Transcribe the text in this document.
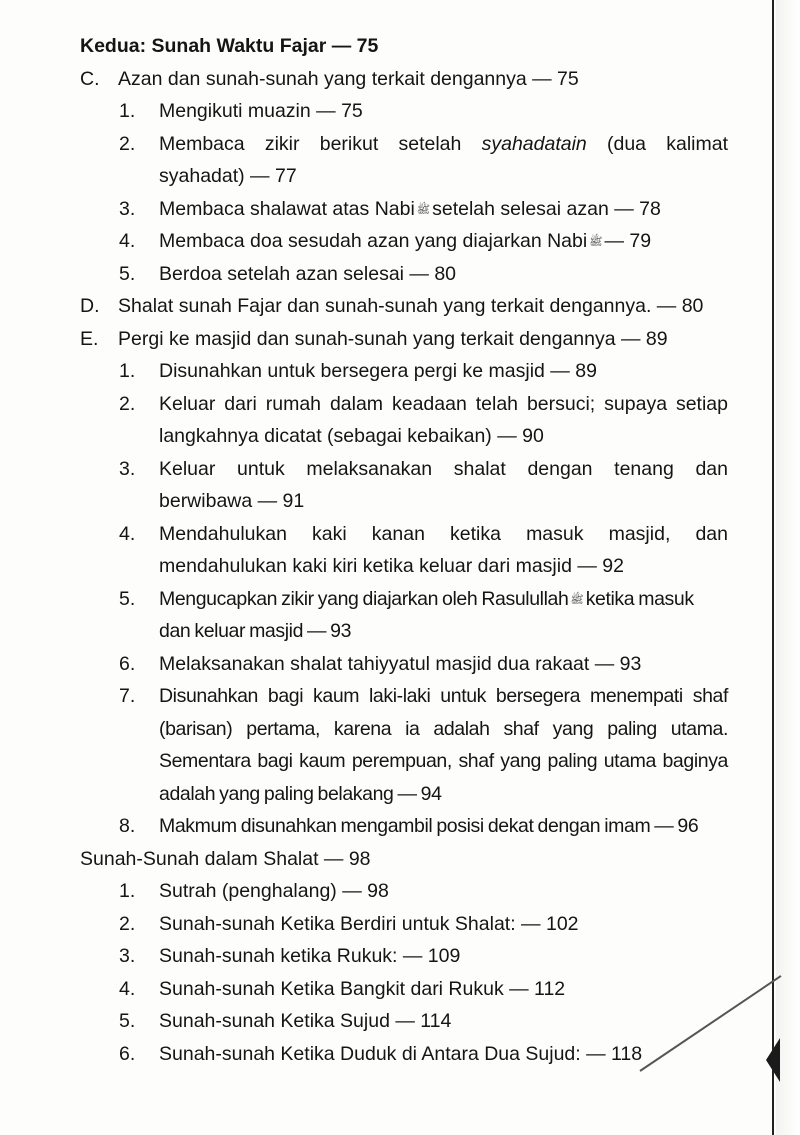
Kedua: Sunah Waktu Fajar — 75

C. Azan dan sunah-sunah yang terkait dengannya — 75
1. Mengikuti muazin — 75
2. Membaca zikir berikut setelah syahadatain (dua kalimat syahadat) — 77
3. Membaca shalawat atas Nabi ﷺ setelah selesai azan — 78
4. Membaca doa sesudah azan yang diajarkan Nabi ﷺ — 79
5. Berdoa setelah azan selesai — 80
D. Shalat sunah Fajar dan sunah-sunah yang terkait dengannya. — 80
E. Pergi ke masjid dan sunah-sunah yang terkait dengannya — 89
1. Disunahkan untuk bersegera pergi ke masjid — 89
2. Keluar dari rumah dalam keadaan telah bersuci; supaya setiap langkahnya dicatat (sebagai kebaikan) — 90
3. Keluar untuk melaksanakan shalat dengan tenang dan berwibawa — 91
4. Mendahulukan kaki kanan ketika masuk masjid, dan mendahulukan kaki kiri ketika keluar dari masjid — 92
5. Mengucapkan zikir yang diajarkan oleh Rasulullah ﷺ ketika masuk dan keluar masjid — 93
6. Melaksanakan shalat tahiyyatul masjid dua rakaat — 93
7. Disunahkan bagi kaum laki-laki untuk bersegera menempati shaf (barisan) pertama, karena ia adalah shaf yang paling utama. Sementara bagi kaum perempuan, shaf yang paling utama baginya adalah yang paling belakang — 94
8. Makmum disunahkan mengambil posisi dekat dengan imam — 96

Sunah-Sunah dalam Shalat — 98

1. Sutrah (penghalang) — 98
2. Sunah-sunah Ketika Berdiri untuk Shalat: — 102
3. Sunah-sunah ketika Rukuk: — 109
4. Sunah-sunah Ketika Bangkit dari Rukuk — 112
5. Sunah-sunah Ketika Sujud — 114
6. Sunah-sunah Ketika Duduk di Antara Dua Sujud: — 118
